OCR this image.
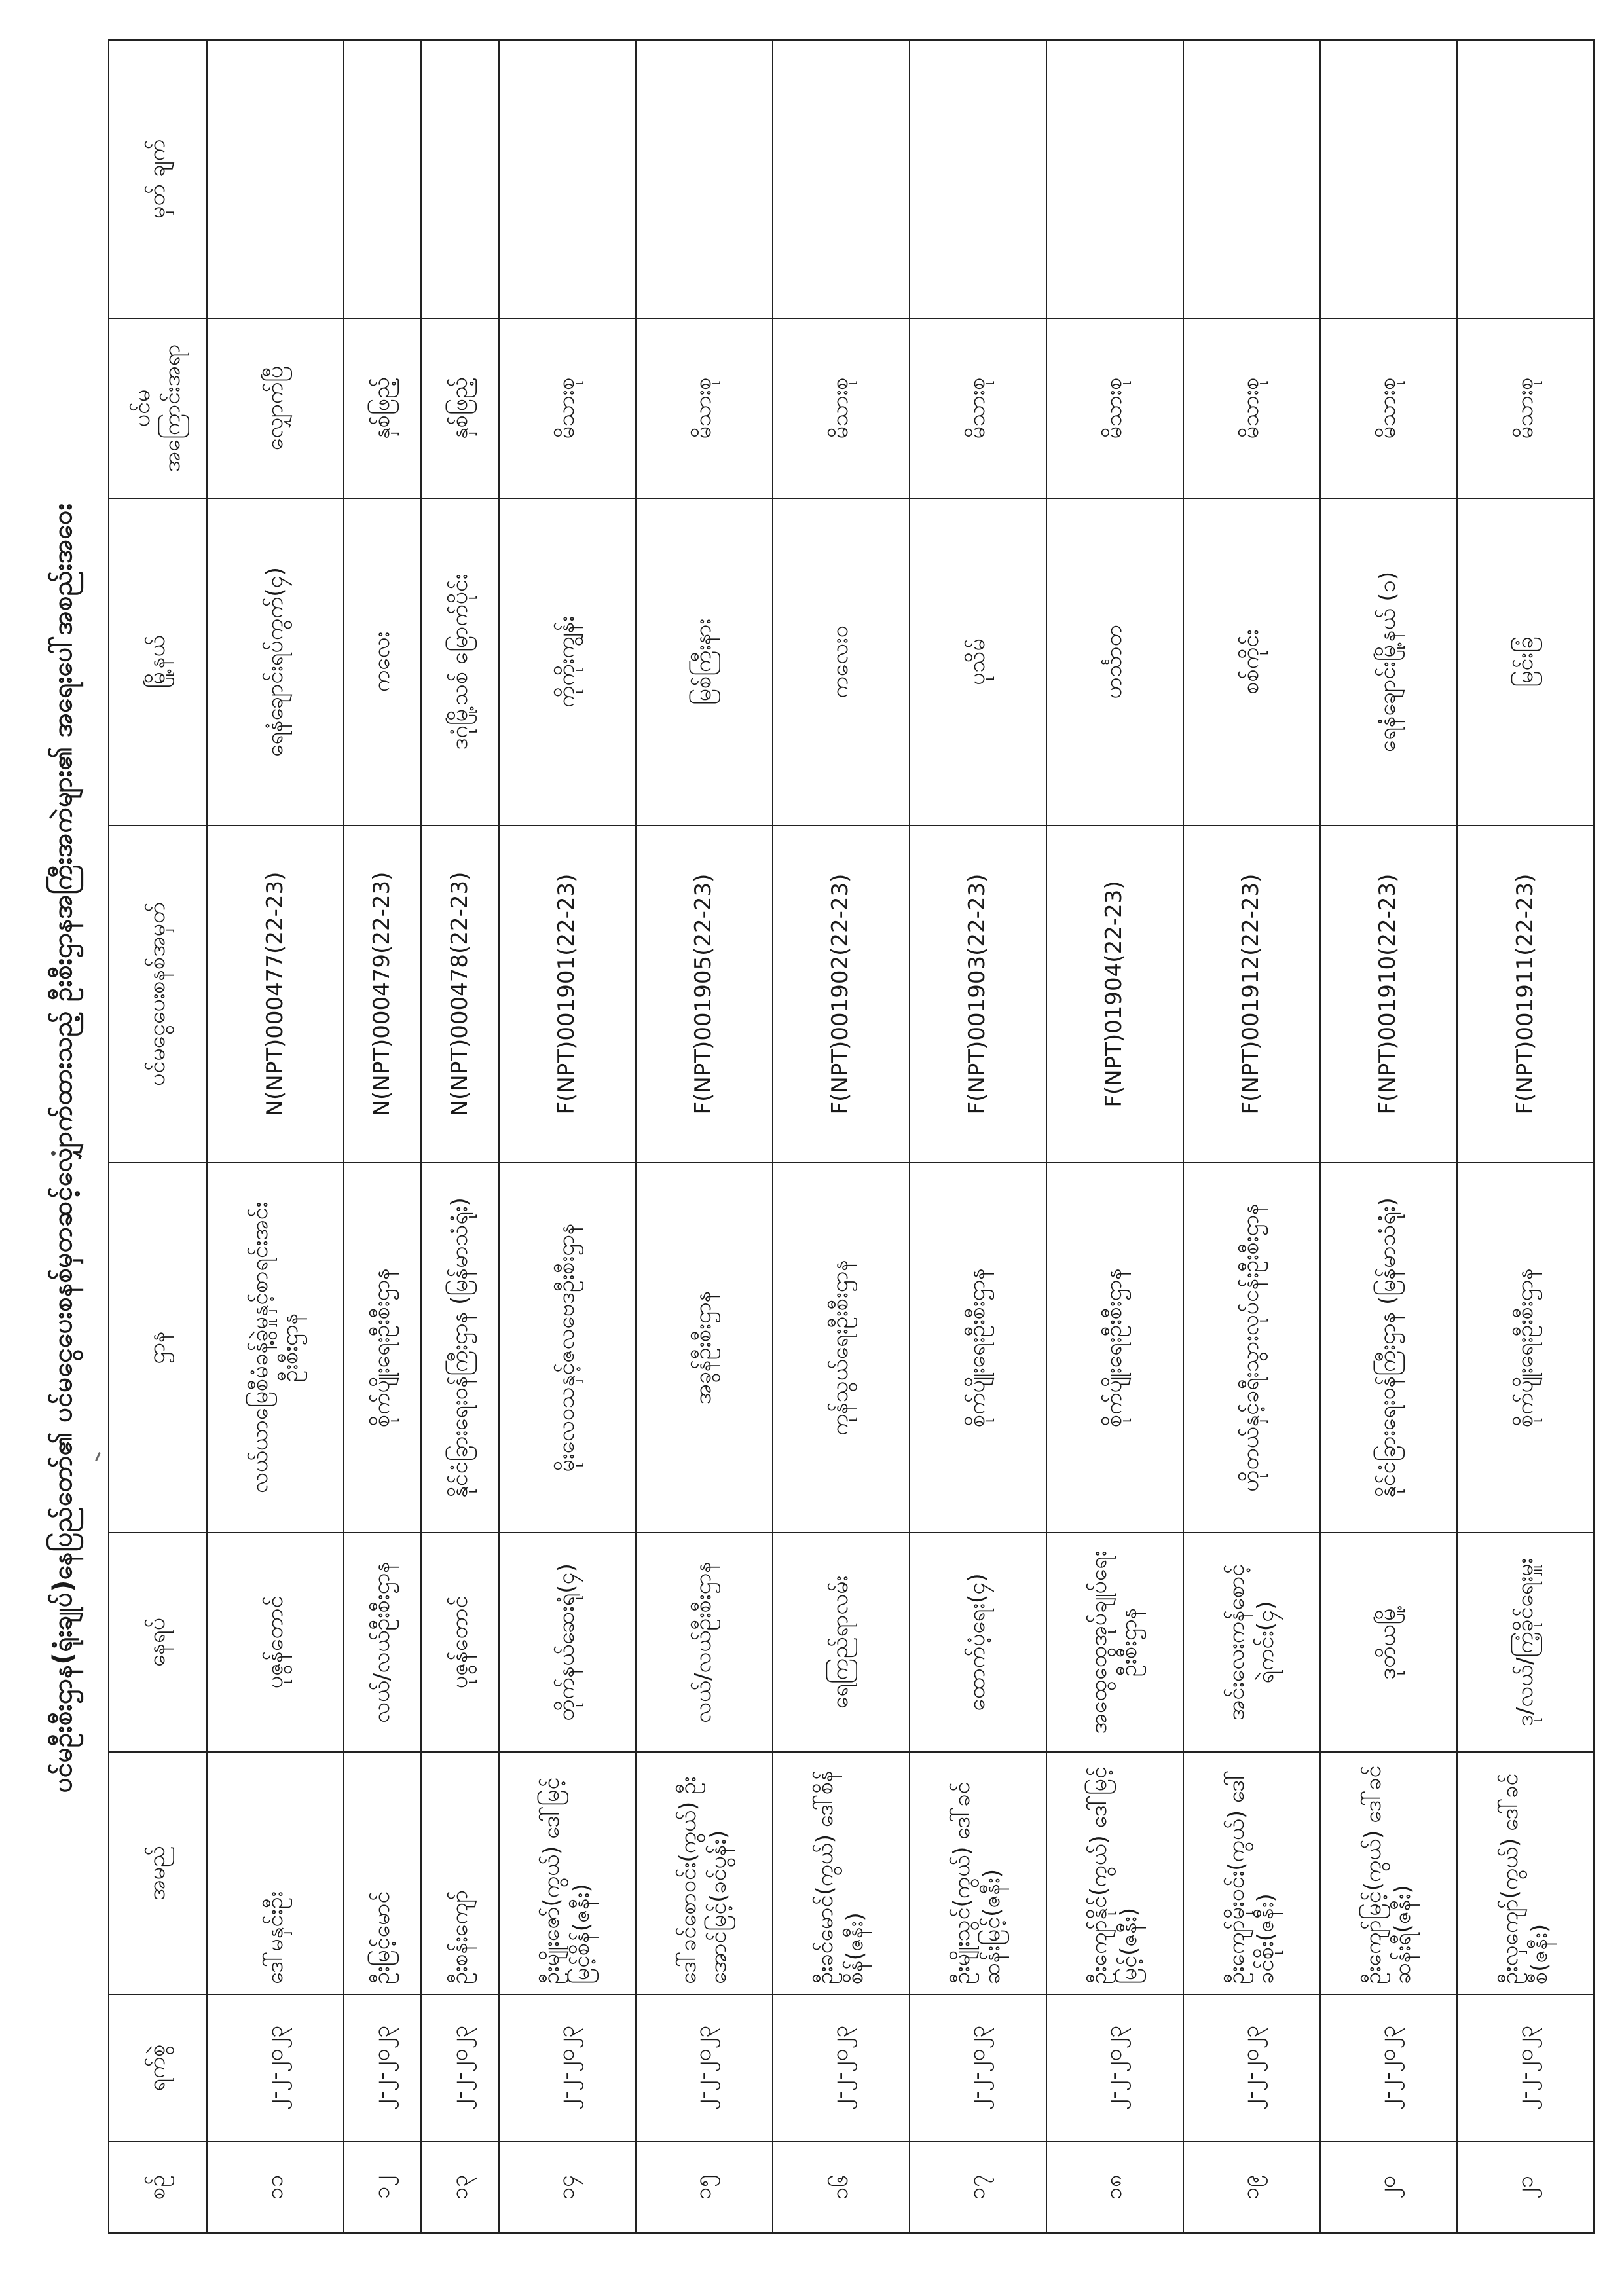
ပင်မဦးစီးဌာန(ရုံးချုပ်)နေပြည်တော်၏ ပင်မငွေပေးစနစ်မှတဆင့်လျှောက်ထားသည့် ဦးစီးဌာနအကြီးအကဲများ၏ အရေးပေါ်အစည်းအဝေး
စဉ်	ရက်စွဲ	အမည်	နေရပ်	ဌာန	ပင်မငွေပေးစနစ်အမှတ်	မြို့နယ်	ပင်မ အကြောင်းအရာ	မှတ် ချက်
၁၁	၂-၂-၂၀၂၃	ဒေါ်မနှင်းဦး	ပုဇွန်တောင်	လယ်ယာမြေစီမံခန့်ခွဲမှုနှင့်စာရင်းအင်း ဦးစီးဌာန	N(NPT)000477(22-23)	ရေနံချောင်းရပ်ကွက်(၄)	လျှောက်ပြီ	
၁၂	၂-၂-၂၀၂၃	ဦးမြင့်မောင်	လယ်/လယ်ဦးစီးဌာန	စိုက်ပျိုးရေးဦးစီးဌာန	N(NPT)000479(22-23)	ကလေး	နှစ်ဖြည့်	
၁၃	၂-၂-၂၀၂၃	ဦးစန်းကျော်	ပုဇွန်တောင်	နိုင်ငံခြားရေးဝန်ကြီးဌာန (မြန်မာသံရုံး)	N(NPT)000478(22-23)	ဒဂုံမြို့သစ် မြောက်ပိုင်း	နှစ်ဖြည့်	
၁၄	၂-၂-၂၀၂၃	ဦးမျိုးဇော်(ကွယ်) ဒေါ်မြင့်မြင့်စိန်(ဇနီး)	တိုက်နယ်ဆေးရုံ(၄)	မိုးလေဝသနှင့်ဇလဗေဒဦးစီးဌာန	F(NPT)001901(22-23)	ကိုကိုးကျွန်း	မိသားစု	
၁၅	၂-၂-၂၀၂၃	ဒေါ်ခင်စောဝင်း(ကွယ်) ဦးအောင်မြင့်(ခင်ပွန်း)	လယ်/လယ်ဦးစီးဌာန	အခွန်ဦးစီးဌာန	F(NPT)001905(22-23)	မြစ်ကြီးနား	မိသားစု	
၁၆	၂-၂-၂၀၂၃	ဦးခင်မောင်(ကွယ်) ဒေါ်စိန်စိန်(ဇနီး)	ရေကြည်ရာလမ်း	ကုန်သွယ်ရေးဦးစီးဌာန	F(NPT)001902(22-23)	ကလေးဝ	မိသားစု	
၁၇	၂-၂-၂၀၂၃	ဦးမျိုးသွင်(ကွယ်) ဒေါ်ခင်ဆန်းမြင့်(ဇနီး)	ထောက်ပံ့ရေး(၄)	စိုက်ပျိုးရေးဦးစီးဌာန	F(NPT)001903(22-23)	ပုသိမ်	မိသားစု	
၁၈	၂-၂-၂၀၂၃	ဦးကျော်နိုင်(ကွယ်) ဒေါ်မြင့်မြင့်(ဇနီး)	အထွေထွေအုပ်ချုပ်ရေးဦးစီးဌာန	စိုက်ပျိုးရေးဦးစီးဌာန	F(NPT)01904(22-23)	ဟင်္သာတ	မိသားစု	
၁၉	၂-၂-၂၀၂၃	ဦးကျော်မိုးဝင်း(ကွယ်) ဒေါ်ခင်စိုး(ဇနီး)	အင်းလေးကန်စောင့် ရဲကင်း(၄)	ဟိုတယ်နှင့်ခရီးသွားလုပ်ငန်းဦးစီးဌာန	F(NPT)001912(22-23)	စစ်ကိုင်း	မိသားစု	
၂၀	၂-၂-၂၀၂၃	ဦးကျော်မြင့်(ကွယ်) ဒေါ်ခင်ဆန်းရီ(ဇနီး)	ဒုတိယမြို့	နိုင်ငံခြားရေးဝန်ကြီးဌာန (မြန်မာသံရုံး)	F(NPT)001910(22-23)	ရေနံချောင်းမြို့နယ် (၁)	မိသားစု	
၂၁	၂-၂-၂၀၂၃	ဦးလှကျော်(ကွယ်) ဒေါ်ခင်စီ(ဇနီး)	ဒု/လယ်/ကြံ့ခိုင်ရေးမှူး	စိုက်ပျိုးရေးဦးစီးဌာန	F(NPT)001911(22-23)	မြင်းခြံ	မိသားစု	
